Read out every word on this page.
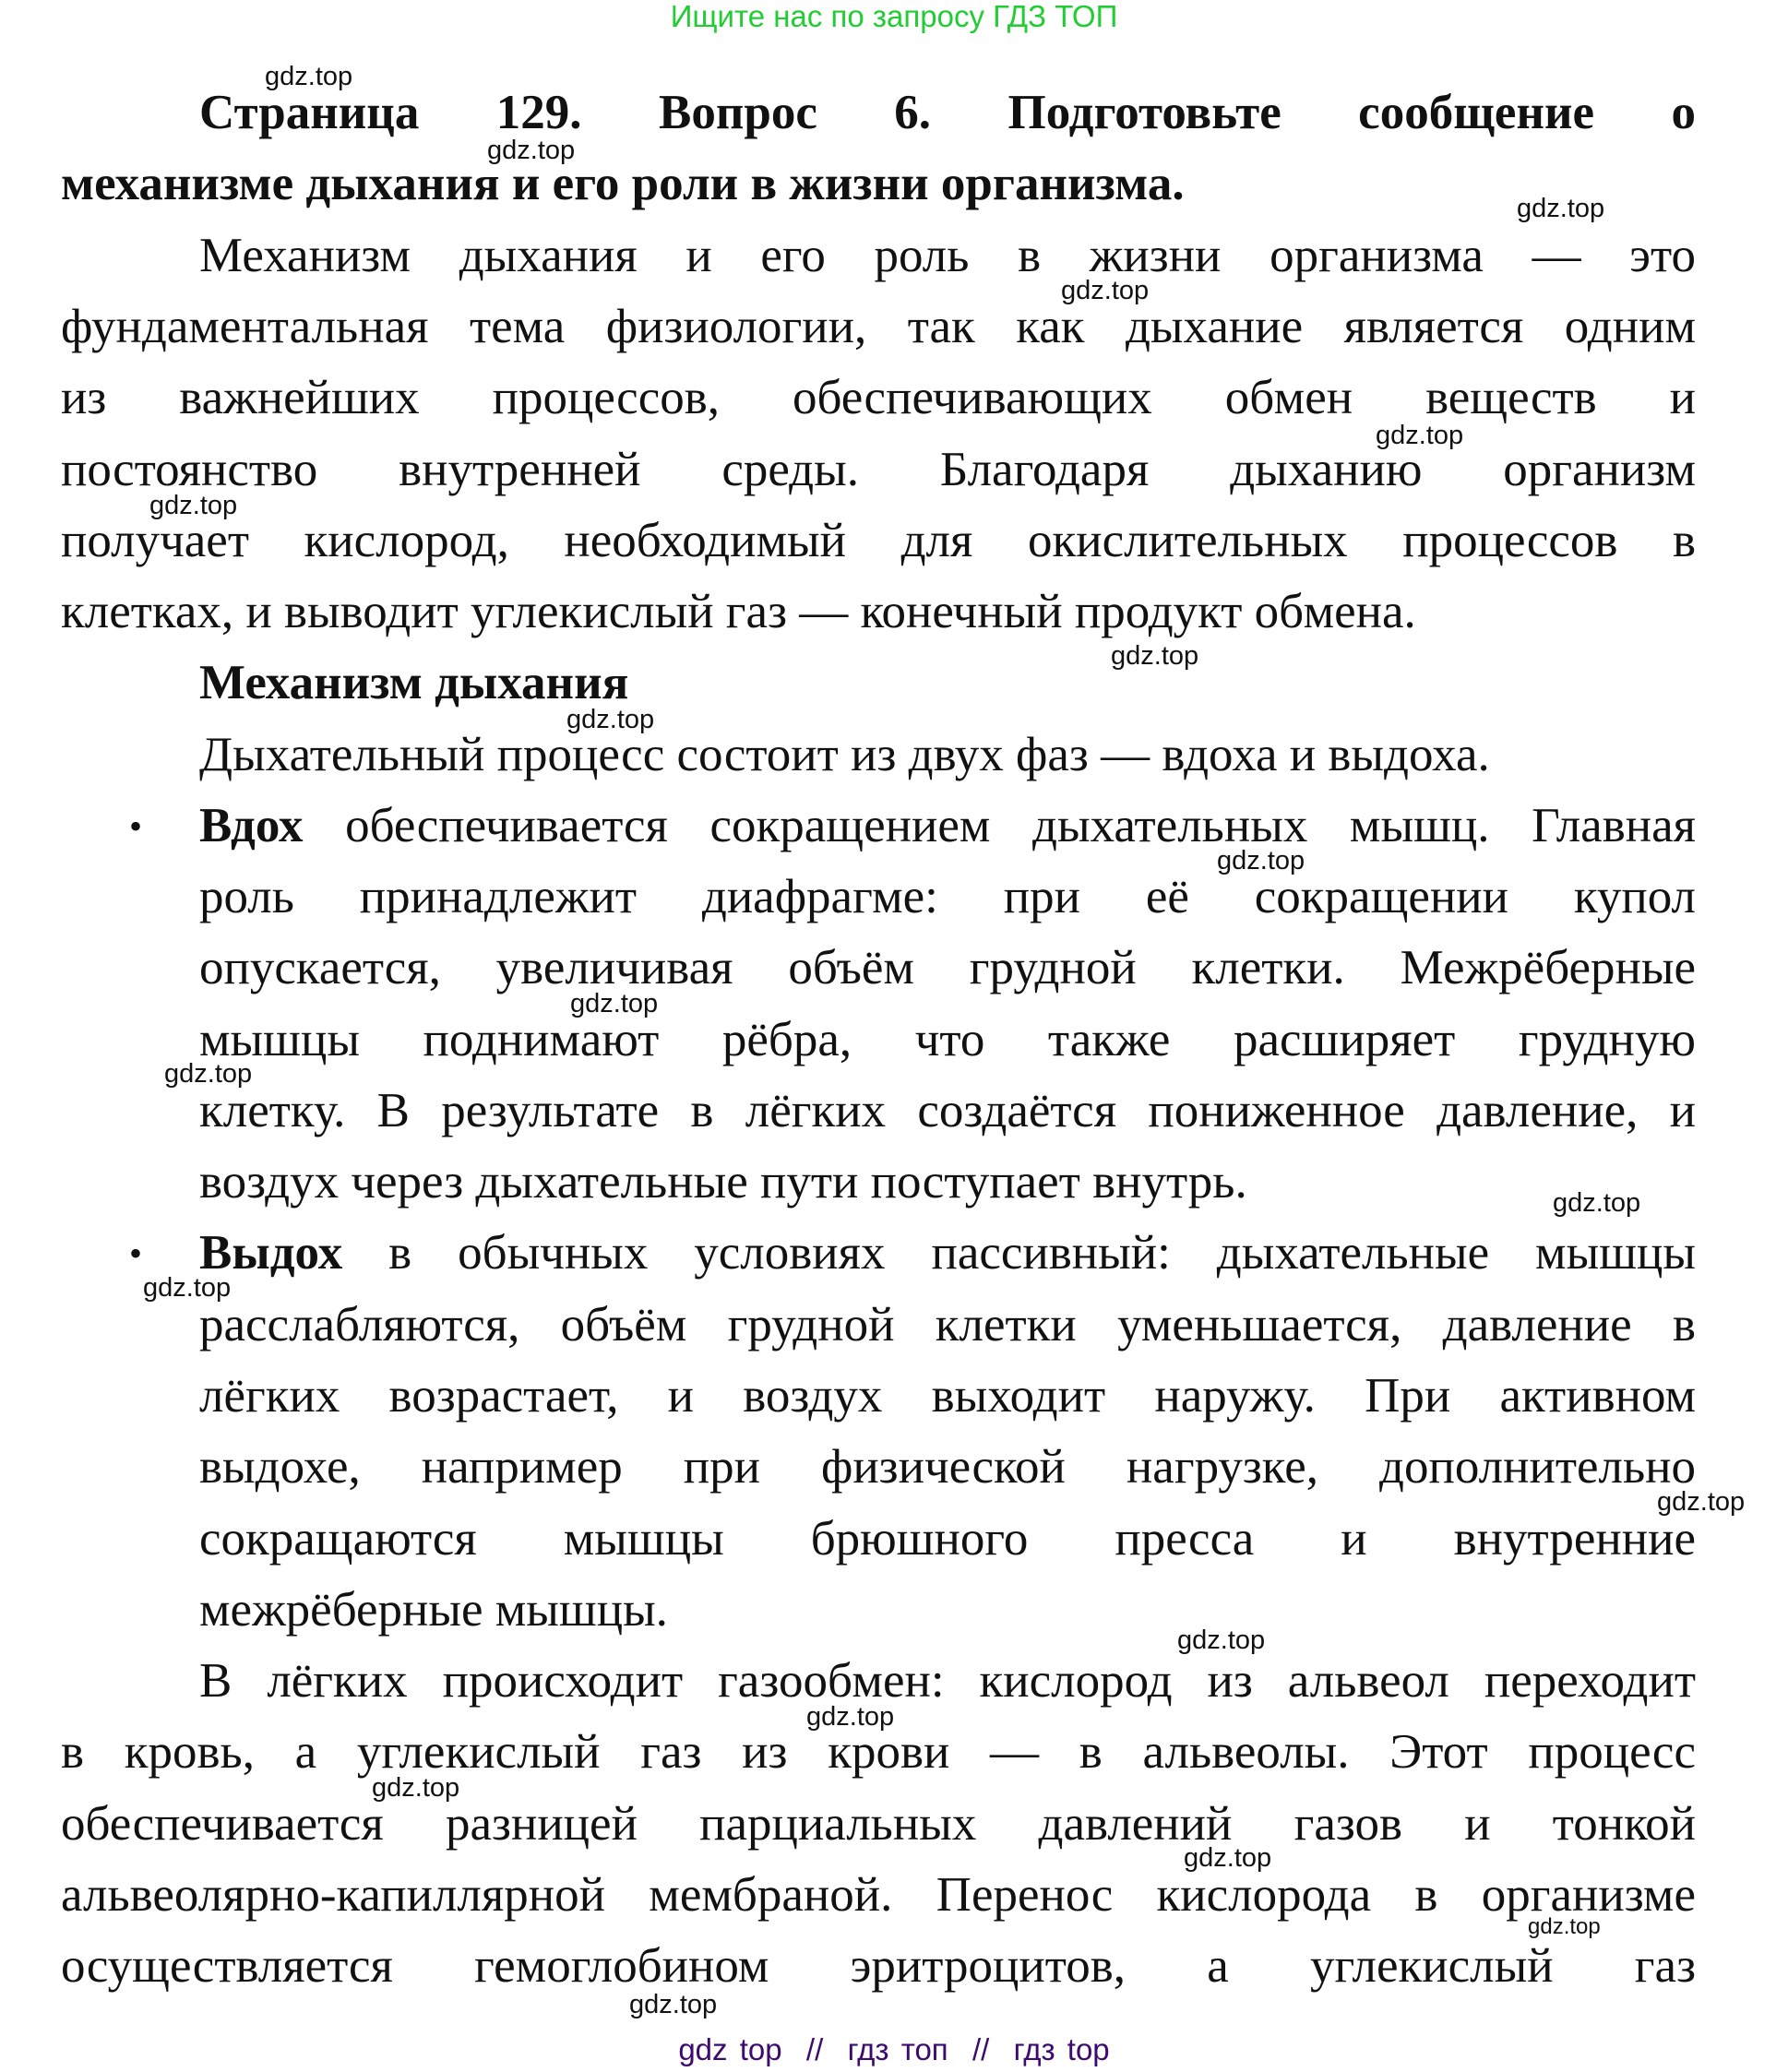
Ищите нас по запросу ГДЗ ТОП
Страница 129. Вопрос 6. Подготовьте сообщение о
механизме дыхания и его роли в жизни организма.
Механизм дыхания и его роль в жизни организма — это
фундаментальная тема физиологии, так как дыхание является одним
из важнейших процессов, обеспечивающих обмен веществ и
постоянство внутренней среды. Благодаря дыханию организм
получает кислород, необходимый для окислительных процессов в
клетках, и выводит углекислый газ — конечный продукт обмена.
Механизм дыхания
Дыхательный процесс состоит из двух фаз — вдоха и выдоха.
• Вдох обеспечивается сокращением дыхательных мышц. Главная
роль принадлежит диафрагме: при её сокращении купол
опускается, увеличивая объём грудной клетки. Межрёберные
мышцы поднимают рёбра, что также расширяет грудную
клетку. В результате в лёгких создаётся пониженное давление, и
воздух через дыхательные пути поступает внутрь.
• Выдох в обычных условиях пассивный: дыхательные мышцы
расслабляются, объём грудной клетки уменьшается, давление в
лёгких возрастает, и воздух выходит наружу. При активном
выдохе, например при физической нагрузке, дополнительно
сокращаются мышцы брюшного пресса и внутренние
межрёберные мышцы.
В лёгких происходит газообмен: кислород из альвеол переходит
в кровь, а углекислый газ из крови — в альвеолы. Этот процесс
обеспечивается разницей парциальных давлений газов и тонкой
альвеолярно-капиллярной мембраной. Перенос кислорода в организме
осуществляется гемоглобином эритроцитов, а углекислый газ
gdz.top
gdz.top
gdz.top
gdz.top
gdz.top
gdz.top
gdz.top
gdz.top
gdz.top
gdz.top
gdz.top
gdz.top
gdz.top
gdz.top
gdz.top
gdz.top
gdz.top
gdz.top
gdz.top
gdz.top
gdz top  //  гдз топ  //  гдз top
